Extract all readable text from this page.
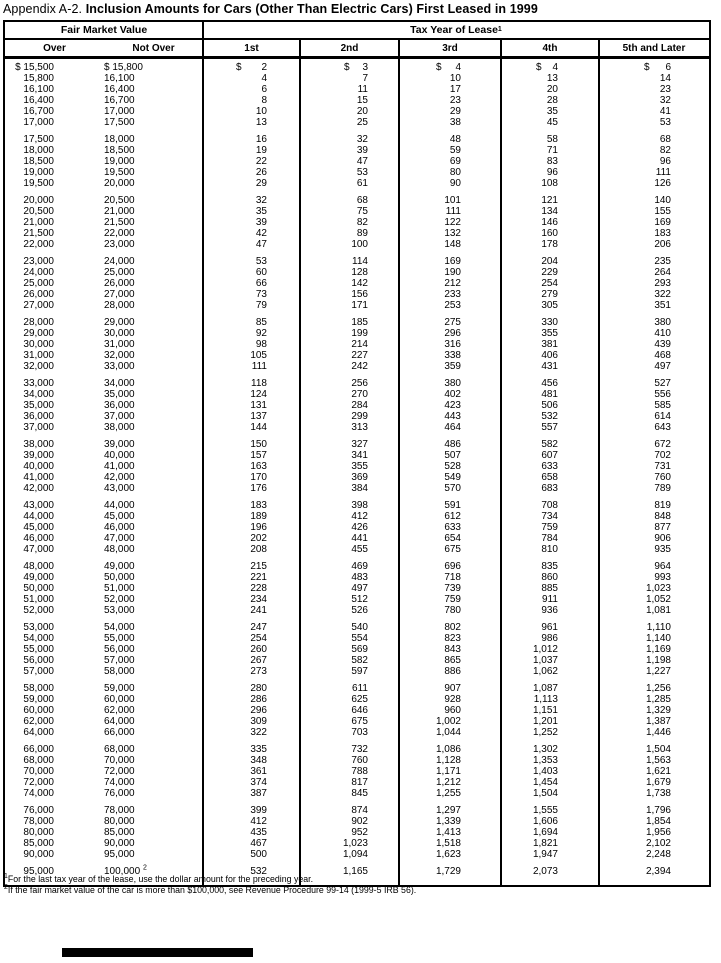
Appendix A-2. Inclusion Amounts for Cars (Other Than Electric Cars) First Leased in 1999
Fair Market Value	Tax Year of Lease 1
Over	Not Over	1st	2nd	3rd	4th	5th and Later
$ 15,500	$ 15,800	$	2	$	3	$	4	$	4	$	6
15,800	16,100	4	7	10	13	14
16,100	16,400	6	11	17	20	23
16,400	16,700	8	15	23	28	32
16,700	17,000	10	20	29	35	41
17,000	17,500	13	25	38	45	53
17,500	18,000	16	32	48	58	68
18,000	18,500	19	39	59	71	82
18,500	19,000	22	47	69	83	96
19,000	19,500	26	53	80	96	111
19,500	20,000	29	61	90	108	126
20,000	20,500	32	68	101	121	140
20,500	21,000	35	75	111	134	155
21,000	21,500	39	82	122	146	169
21,500	22,000	42	89	132	160	183
22,000	23,000	47	100	148	178	206
23,000	24,000	53	114	169	204	235
24,000	25,000	60	128	190	229	264
25,000	26,000	66	142	212	254	293
26,000	27,000	73	156	233	279	322
27,000	28,000	79	171	253	305	351
28,000	29,000	85	185	275	330	380
29,000	30,000	92	199	296	355	410
30,000	31,000	98	214	316	381	439
31,000	32,000	105	227	338	406	468
32,000	33,000	111	242	359	431	497
33,000	34,000	118	256	380	456	527
34,000	35,000	124	270	402	481	556
35,000	36,000	131	284	423	506	585
36,000	37,000	137	299	443	532	614
37,000	38,000	144	313	464	557	643
38,000	39,000	150	327	486	582	672
39,000	40,000	157	341	507	607	702
40,000	41,000	163	355	528	633	731
41,000	42,000	170	369	549	658	760
42,000	43,000	176	384	570	683	789
43,000	44,000	183	398	591	708	819
44,000	45,000	189	412	612	734	848
45,000	46,000	196	426	633	759	877
46,000	47,000	202	441	654	784	906
47,000	48,000	208	455	675	810	935
48,000	49,000	215	469	696	835	964
49,000	50,000	221	483	718	860	993
50,000	51,000	228	497	739	885	1,023
51,000	52,000	234	512	759	911	1,052
52,000	53,000	241	526	780	936	1,081
53,000	54,000	247	540	802	961	1,110
54,000	55,000	254	554	823	986	1,140
55,000	56,000	260	569	843	1,012	1,169
56,000	57,000	267	582	865	1,037	1,198
57,000	58,000	273	597	886	1,062	1,227
58,000	59,000	280	611	907	1,087	1,256
59,000	60,000	286	625	928	1,113	1,285
60,000	62,000	296	646	960	1,151	1,329
62,000	64,000	309	675	1,002	1,201	1,387
64,000	66,000	322	703	1,044	1,252	1,446
66,000	68,000	335	732	1,086	1,302	1,504
68,000	70,000	348	760	1,128	1,353	1,563
70,000	72,000	361	788	1,171	1,403	1,621
72,000	74,000	374	817	1,212	1,454	1,679
74,000	76,000	387	845	1,255	1,504	1,738
76,000	78,000	399	874	1,297	1,555	1,796
78,000	80,000	412	902	1,339	1,606	1,854
80,000	85,000	435	952	1,413	1,694	1,956
85,000	90,000	467	1,023	1,518	1,821	2,102
90,000	95,000	500	1,094	1,623	1,947	2,248
95,000	100,000 $^2$	532	1,165	1,729	2,073	2,394
$^1$For the last tax year of the lease, use the dollar amount for the preceding year.
$^2$If the fair market value of the car is more than $100,000, see Revenue Procedure 99-14 (1999-5 IRB 56).
